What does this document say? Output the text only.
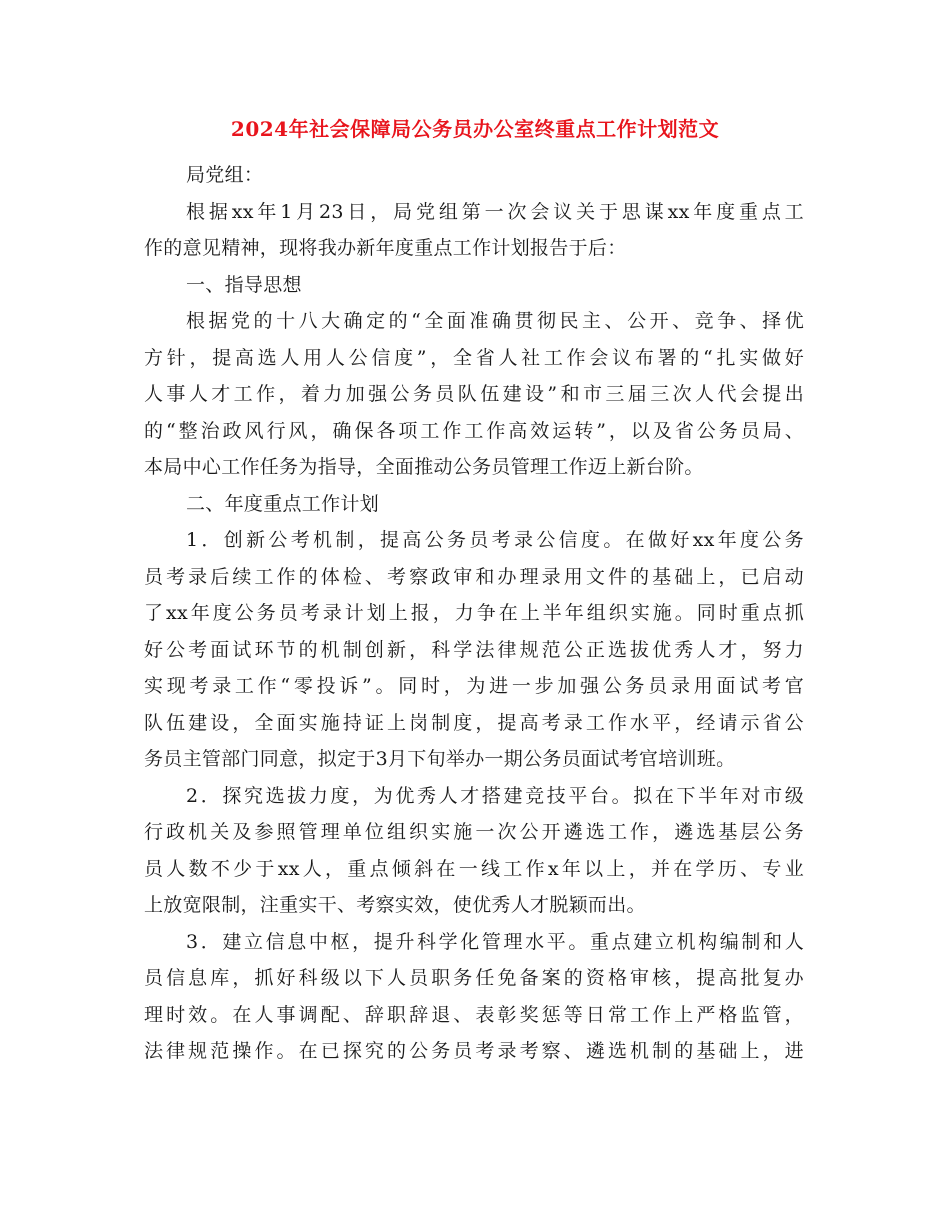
2024年社会保障局公务员办公室终重点工作计划范文
局党组：
根据xx年1月23日，局党组第一次会议关于思谋xx年度重点工
作的意见精神，现将我办新年度重点工作计划报告于后：
一、指导思想
根据党的十八大确定的“全面准确贯彻民主、公开、竞争、择优
方针，提高选人用人公信度”，全省人社工作会议布署的“扎实做好
人事人才工作，着力加强公务员队伍建设”和市三届三次人代会提出
的“整治政风行风，确保各项工作工作高效运转”，以及省公务员局、
本局中心工作任务为指导，全面推动公务员管理工作迈上新台阶。
二、年度重点工作计划
1．创新公考机制，提高公务员考录公信度。在做好xx年度公务
员考录后续工作的体检、考察政审和办理录用文件的基础上，已启动
了xx年度公务员考录计划上报，力争在上半年组织实施。同时重点抓
好公考面试环节的机制创新，科学法律规范公正选拔优秀人才，努力
实现考录工作“零投诉”。同时，为进一步加强公务员录用面试考官
队伍建设，全面实施持证上岗制度，提高考录工作水平，经请示省公
务员主管部门同意，拟定于3月下旬举办一期公务员面试考官培训班。
2．探究选拔力度，为优秀人才搭建竞技平台。拟在下半年对市级
行政机关及参照管理单位组织实施一次公开遴选工作，遴选基层公务
员人数不少于xx人，重点倾斜在一线工作x年以上，并在学历、专业
上放宽限制，注重实干、考察实效，使优秀人才脱颖而出。
3．建立信息中枢，提升科学化管理水平。重点建立机构编制和人
员信息库，抓好科级以下人员职务任免备案的资格审核，提高批复办
理时效。在人事调配、辞职辞退、表彰奖惩等日常工作上严格监管，
法律规范操作。在已探究的公务员考录考察、遴选机制的基础上，进
